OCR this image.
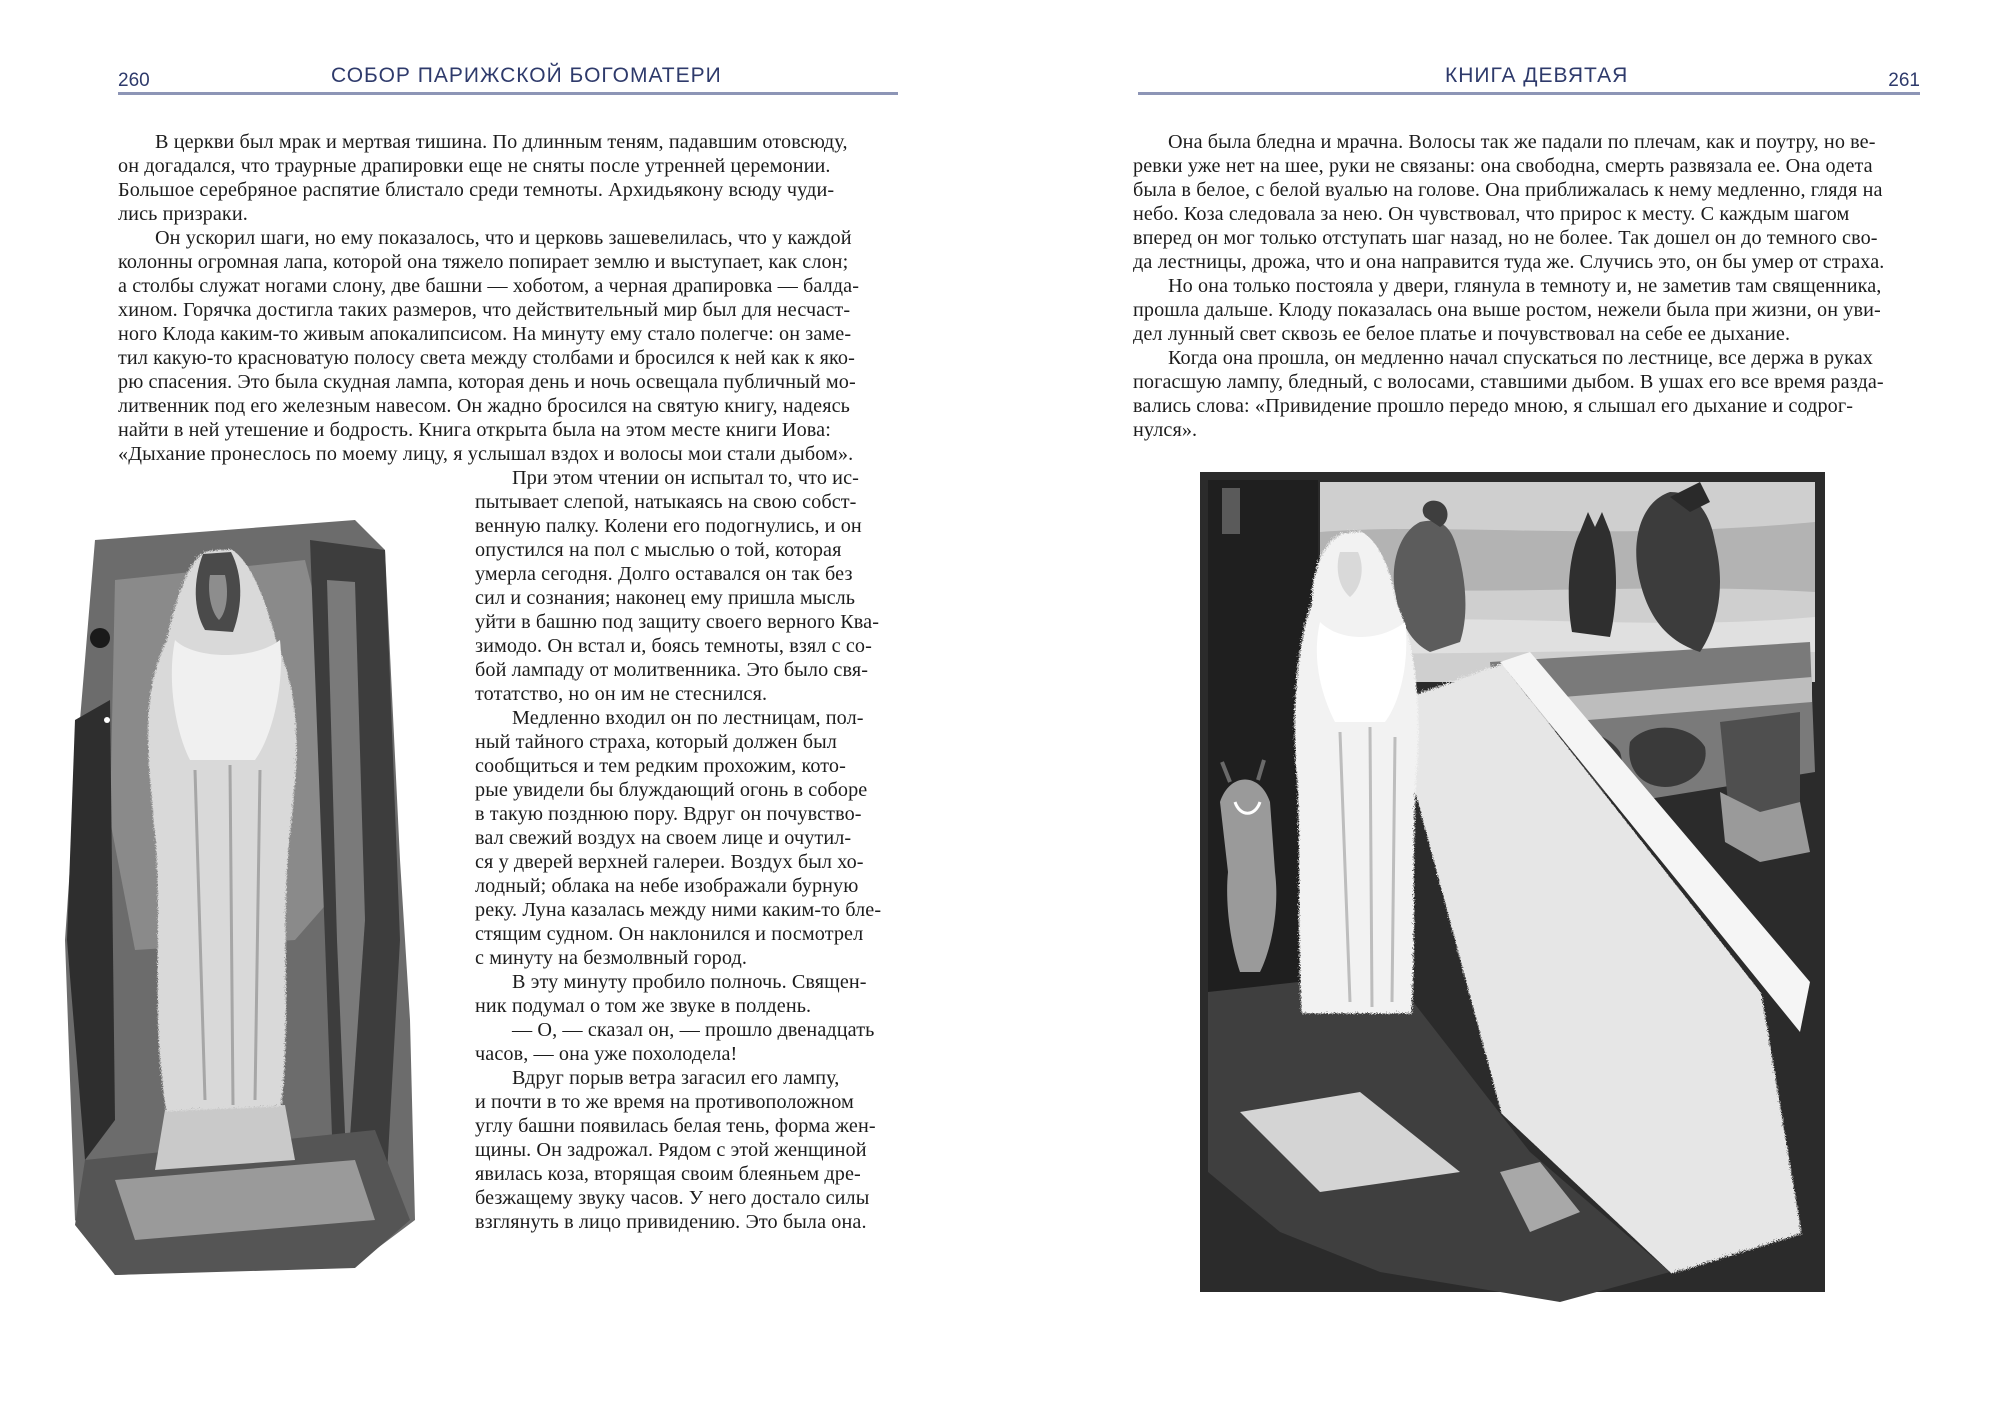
260	СОБОР ПАРИЖСКОЙ БОГОМАТЕРИ	КНИГА ДЕВЯТАЯ	261

В церкви был мрак и мертвая тишина. По длинным теням, падавшим отовсюду,

он догадался, что траурные драпировки еще не сняты после утренней церемонии.

Большое серебряное распятие блистало среди темноты. Архидьякону всюду чуди-

лись призраки.

Он ускорил шаги, но ему показалось, что и церковь зашевелилась, что у каждой

колонны огромная лапа, которой она тяжело попирает землю и выступает, как слон;

а столбы служат ногами слону, две башни — хоботом, а черная драпировка — балда-

хином. Горячка достигла таких размеров, что действительный мир был для несчаст-

ного Клода каким-то живым апокалипсисом. На минуту ему стало полегче: он заме-

тил какую-то красноватую полосу света между столбами и бросился к ней как к яко-

рю спасения. Это была скудная лампа, которая день и ночь освещала публичный мо-

литвенник под его железным навесом. Он жадно бросился на святую книгу, надеясь

найти в ней утешение и бодрость. Книга открыта была на этом месте книги Иова:

«Дыхание пронеслось по моему лицу, я услышал вздох и волосы мои стали дыбом».

При этом чтении он испытал то, что ис-

пытывает слепой, натыкаясь на свою собст-

венную палку. Колени его подогнулись, и он

опустился на пол с мыслью о той, которая

умерла сегодня. Долго оставался он так без

сил и сознания; наконец ему пришла мысль

уйти в башню под защиту своего верного Ква-

зимодо. Он встал и, боясь темноты, взял с со-

бой лампаду от молитвенника. Это было свя-

тотатство, но он им не стеснился.

Медленно входил он по лестницам, пол-

ный тайного страха, который должен был

сообщиться и тем редким прохожим, кото-

рые увидели бы блуждающий огонь в соборе

в такую позднюю пору. Вдруг он почувство-

вал свежий воздух на своем лице и очутил-

ся у дверей верхней галереи. Воздух был хо-

лодный; облака на небе изображали бурную

реку. Луна казалась между ними каким-то бле-

стящим судном. Он наклонился и посмотрел

с минуту на безмолвный город.

В эту минуту пробило полночь. Священ-

ник подумал о том же звуке в полдень.

— О, — сказал он, — прошло двенадцать

часов, — она уже похолодела!

Вдруг порыв ветра загасил его лампу,

и почти в то же время на противоположном

углу башни появилась белая тень, форма жен-

щины. Он задрожал. Рядом с этой женщиной

явилась коза, вторящая своим блеяньем дре-

безжащему звуку часов. У него достало силы

взглянуть в лицо привидению. Это была она.

Она была бледна и мрачна. Волосы так же падали по плечам, как и поутру, но ве-

ревки уже нет на шее, руки не связаны: она свободна, смерть развязала ее. Она одета

была в белое, с белой вуалью на голове. Она приближалась к нему медленно, глядя на

небо. Коза следовала за нею. Он чувствовал, что прирос к месту. С каждым шагом

вперед он мог только отступать шаг назад, но не более. Так дошел он до темного сво-

да лестницы, дрожа, что и она направится туда же. Случись это, он бы умер от страха.

Но она только постояла у двери, глянула в темноту и, не заметив там священника,

прошла дальше. Клоду показалась она выше ростом, нежели была при жизни, он уви-

дел лунный свет сквозь ее белое платье и почувствовал на себе ее дыхание.

Когда она прошла, он медленно начал спускаться по лестнице, все держа в руках

погасшую лампу, бледный, с волосами, ставшими дыбом. В ушах его все время разда-

вались слова: «Привидение прошло передо мною, я слышал его дыхание и содрог-

нулся».
